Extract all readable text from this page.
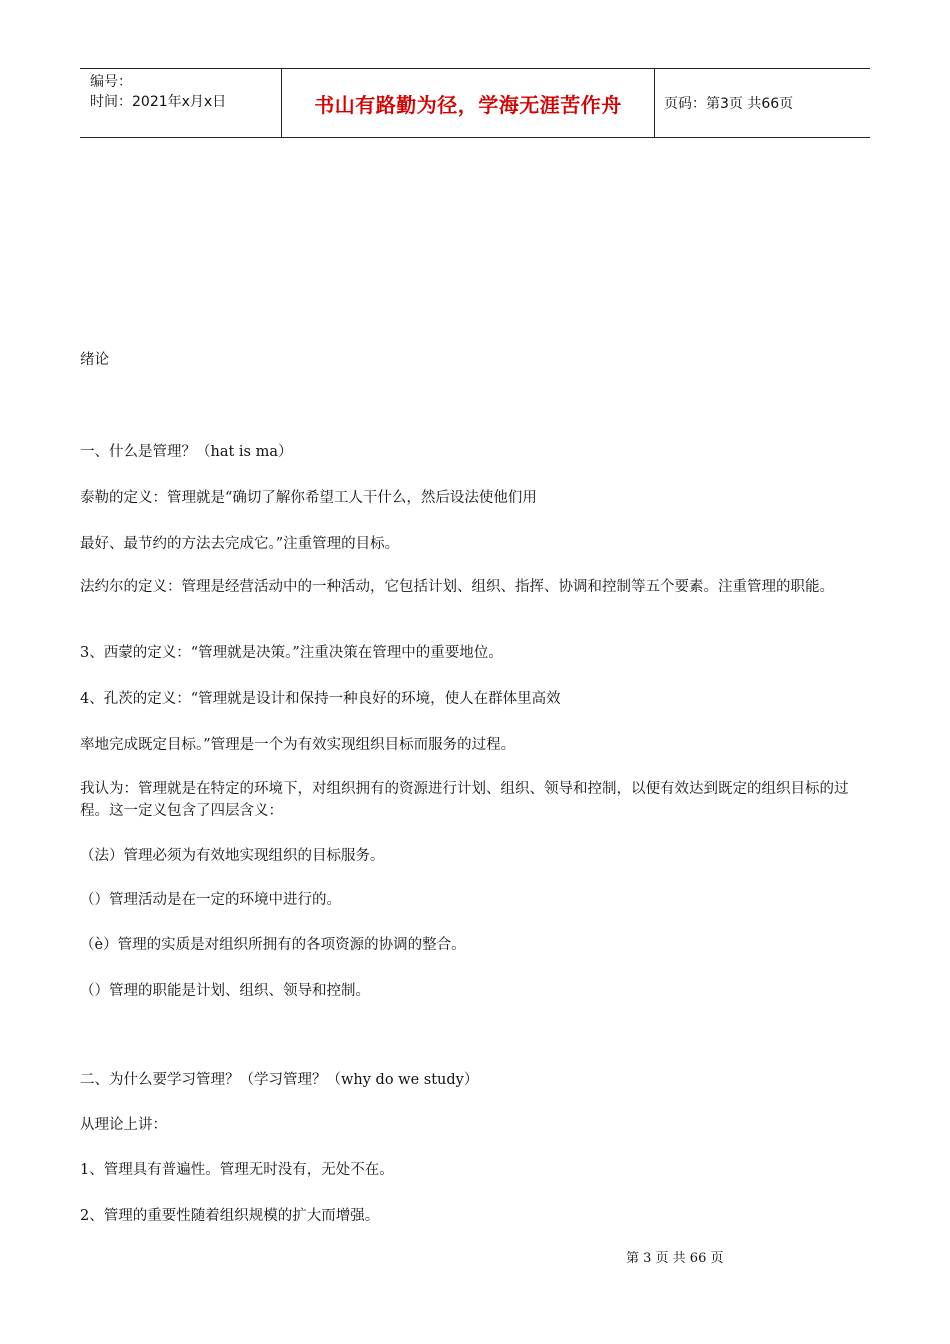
编号：
时间：2021年x月x日	书山有路勤为径，学海无涯苦作舟	页码：第3页 共66页
绪论
一、什么是管理？（hat is ma）
泰勒的定义：管理就是“确切了解你希望工人干什么，然后设法使他们用
最好、最节约的方法去完成它。”注重管理的目标。
法约尔的定义：管理是经营活动中的一种活动，它包括计划、组织、指挥、协调和控制等五个要素。注重管理的职能。
3、西蒙的定义：“管理就是决策。”注重决策在管理中的重要地位。
4、孔茨的定义：“管理就是设计和保持一种良好的环境，使人在群体里高效
率地完成既定目标。”管理是一个为有效实现组织目标而服务的过程。
我认为：管理就是在特定的环境下，对组织拥有的资源进行计划、组织、领导和控制，以便有效达到既定的组织目标的过程。这一定义包含了四层含义：
（法）管理必须为有效地实现组织的目标服务。
（）管理活动是在一定的环境中进行的。
（è）管理的实质是对组织所拥有的各项资源的协调的整合。
（）管理的职能是计划、组织、领导和控制。
二、为什么要学习管理？（学习管理？（why do we study）
从理论上讲：
1、管理具有普遍性。管理无时没有，无处不在。
2、管理的重要性随着组织规模的扩大而增强。
第 3 页 共 66 页
